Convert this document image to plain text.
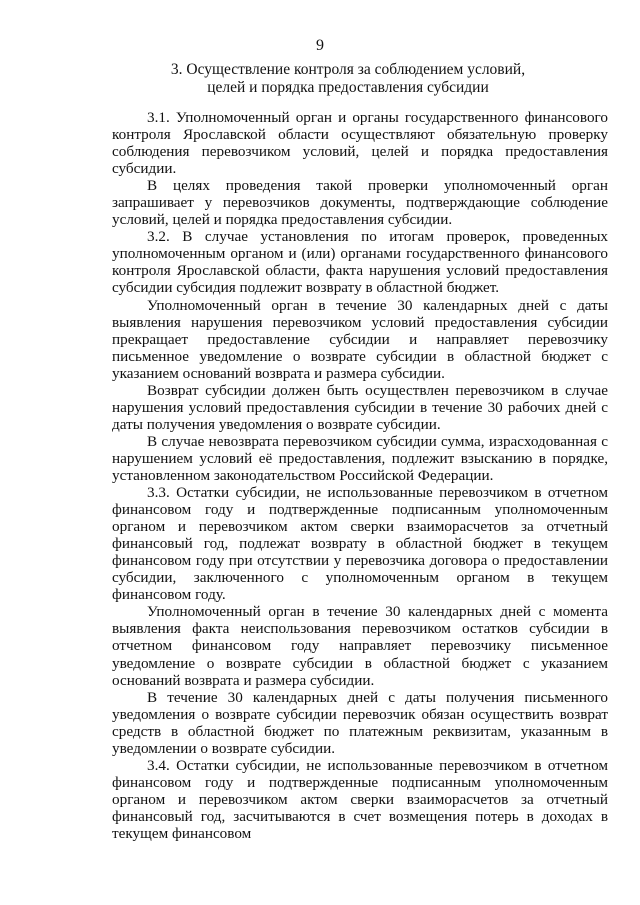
9
3. Осуществление контроля за соблюдением условий, целей и порядка предоставления субсидии

3.1. Уполномоченный орган и органы государственного финансового контроля Ярославской области осуществляют обязательную проверку соблюдения перевозчиком условий, целей и порядка предоставления субсидии.

В целях проведения такой проверки уполномоченный орган запрашивает у перевозчиков документы, подтверждающие соблюдение условий, целей и порядка предоставления субсидии.

3.2. В случае установления по итогам проверок, проведенных уполномоченным органом и (или) органами государственного финансового контроля Ярославской области, факта нарушения условий предоставления субсидии субсидия подлежит возврату в областной бюджет.

Уполномоченный орган в течение 30 календарных дней с даты выявления нарушения перевозчиком условий предоставления субсидии прекращает предоставление субсидии и направляет перевозчику письменное уведомление о возврате субсидии в областной бюджет с указанием оснований возврата и размера субсидии.

Возврат субсидии должен быть осуществлен перевозчиком в случае нарушения условий предоставления субсидии в течение 30 рабочих дней с даты получения уведомления о возврате субсидии.

В случае невозврата перевозчиком субсидии сумма, израсходованная с нарушением условий её предоставления, подлежит взысканию в порядке, установленном законодательством Российской Федерации.

3.3. Остатки субсидии, не использованные перевозчиком в отчетном финансовом году и подтвержденные подписанным уполномоченным органом и перевозчиком актом сверки взаиморасчетов за отчетный финансовый год, подлежат возврату в областной бюджет в текущем финансовом году при отсутствии у перевозчика договора о предоставлении субсидии, заключенного с уполномоченным органом в текущем финансовом году.

Уполномоченный орган в течение 30 календарных дней с момента выявления факта неиспользования перевозчиком остатков субсидии в отчетном финансовом году направляет перевозчику письменное уведомление о возврате субсидии в областной бюджет с указанием оснований возврата и размера субсидии.

В течение 30 календарных дней с даты получения письменного уведомления о возврате субсидии перевозчик обязан осуществить возврат средств в областной бюджет по платежным реквизитам, указанным в уведомлении о возврате субсидии.

3.4. Остатки субсидии, не использованные перевозчиком в отчетном финансовом году и подтвержденные подписанным уполномоченным органом и перевозчиком актом сверки взаиморасчетов за отчетный финансовый год, засчитываются в счет возмещения потерь в доходах в текущем финансовом
